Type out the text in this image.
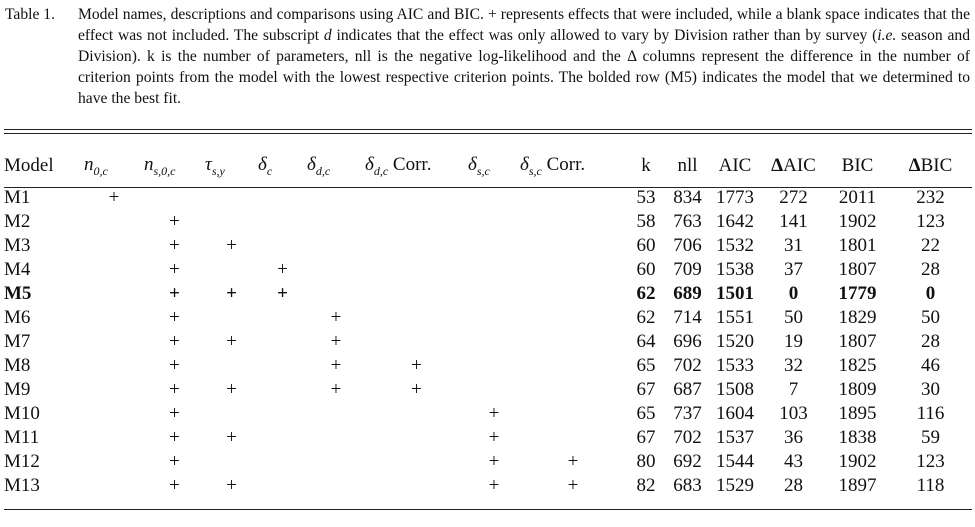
Table 1. Model names, descriptions and comparisons using AIC and BIC. + represents effects that were included, while a blank space indicates that the effect was not included. The subscript d indicates that the effect was only allowed to vary by Division rather than by survey (i.e. season and Division). k is the number of parameters, nll is the negative log-likelihood and the Δ columns represent the difference in the number of criterion points from the model with the lowest respective criterion points. The bolded row (M5) indicates the model that we determined to have the best fit.
Model	$n_{0,c}$	$n_{s,0,c}$	$\tau_{s,y}$	$\delta_c$	$\delta_{d,c}$	$\delta_{d,c}$ Corr.	$\delta_{s,c}$	$\delta_{s,c}$ Corr.	k	nll	AIC	ΔAIC	BIC	ΔBIC
M1	+								53	834	1773	272	2011	232
M2		+							58	763	1642	141	1902	123
M3		+	+						60	706	1532	31	1801	22
M4		+		+					60	709	1538	37	1807	28
M5		+	+	+					62	689	1501	0	1779	0
M6		+			+				62	714	1551	50	1829	50
M7		+	+		+				64	696	1520	19	1807	28
M8		+			+	+			65	702	1533	32	1825	46
M9		+	+		+	+			67	687	1508	7	1809	30
M10		+					+		65	737	1604	103	1895	116
M11		+	+				+		67	702	1537	36	1838	59
M12		+					+	+	80	692	1544	43	1902	123
M13		+	+				+	+	82	683	1529	28	1897	118
